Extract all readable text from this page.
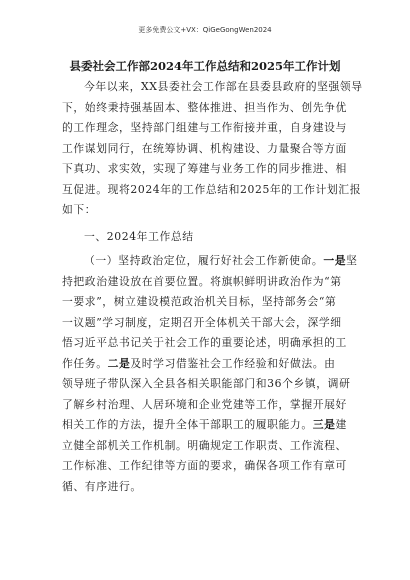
更多免费公文+VX：QiGeGongWen2024
县委社会工作部2024年工作总结和2025年工作计划
今年以来，XX县委社会工作部在县委县政府的坚强领导
下，始终秉持强基固本、整体推进、担当作为、创先争优
的工作理念，坚持部门组建与工作衔接并重，自身建设与
工作谋划同行，在统筹协调、机构建设、力量聚合等方面
下真功、求实效，实现了筹建与业务工作的同步推进、相
互促进。现将2024年的工作总结和2025年的工作计划汇报
如下：
一、2024年工作总结
（一）坚持政治定位，履行好社会工作新使命。一是坚
持把政治建设放在首要位置。将旗帜鲜明讲政治作为“第
一要求”，树立建设模范政治机关目标，坚持部务会“第
一议题”学习制度，定期召开全体机关干部大会，深学细
悟习近平总书记关于社会工作的重要论述，明确承担的工
作任务。二是及时学习借鉴社会工作经验和好做法。由
领导班子带队深入全县各相关职能部门和36个乡镇，调研
了解乡村治理、人居环境和企业党建等工作，掌握开展好
相关工作的方法，提升全体干部职工的履职能力。三是建
立健全部机关工作机制。明确规定工作职责、工作流程、
工作标准、工作纪律等方面的要求，确保各项工作有章可
循、有序进行。
